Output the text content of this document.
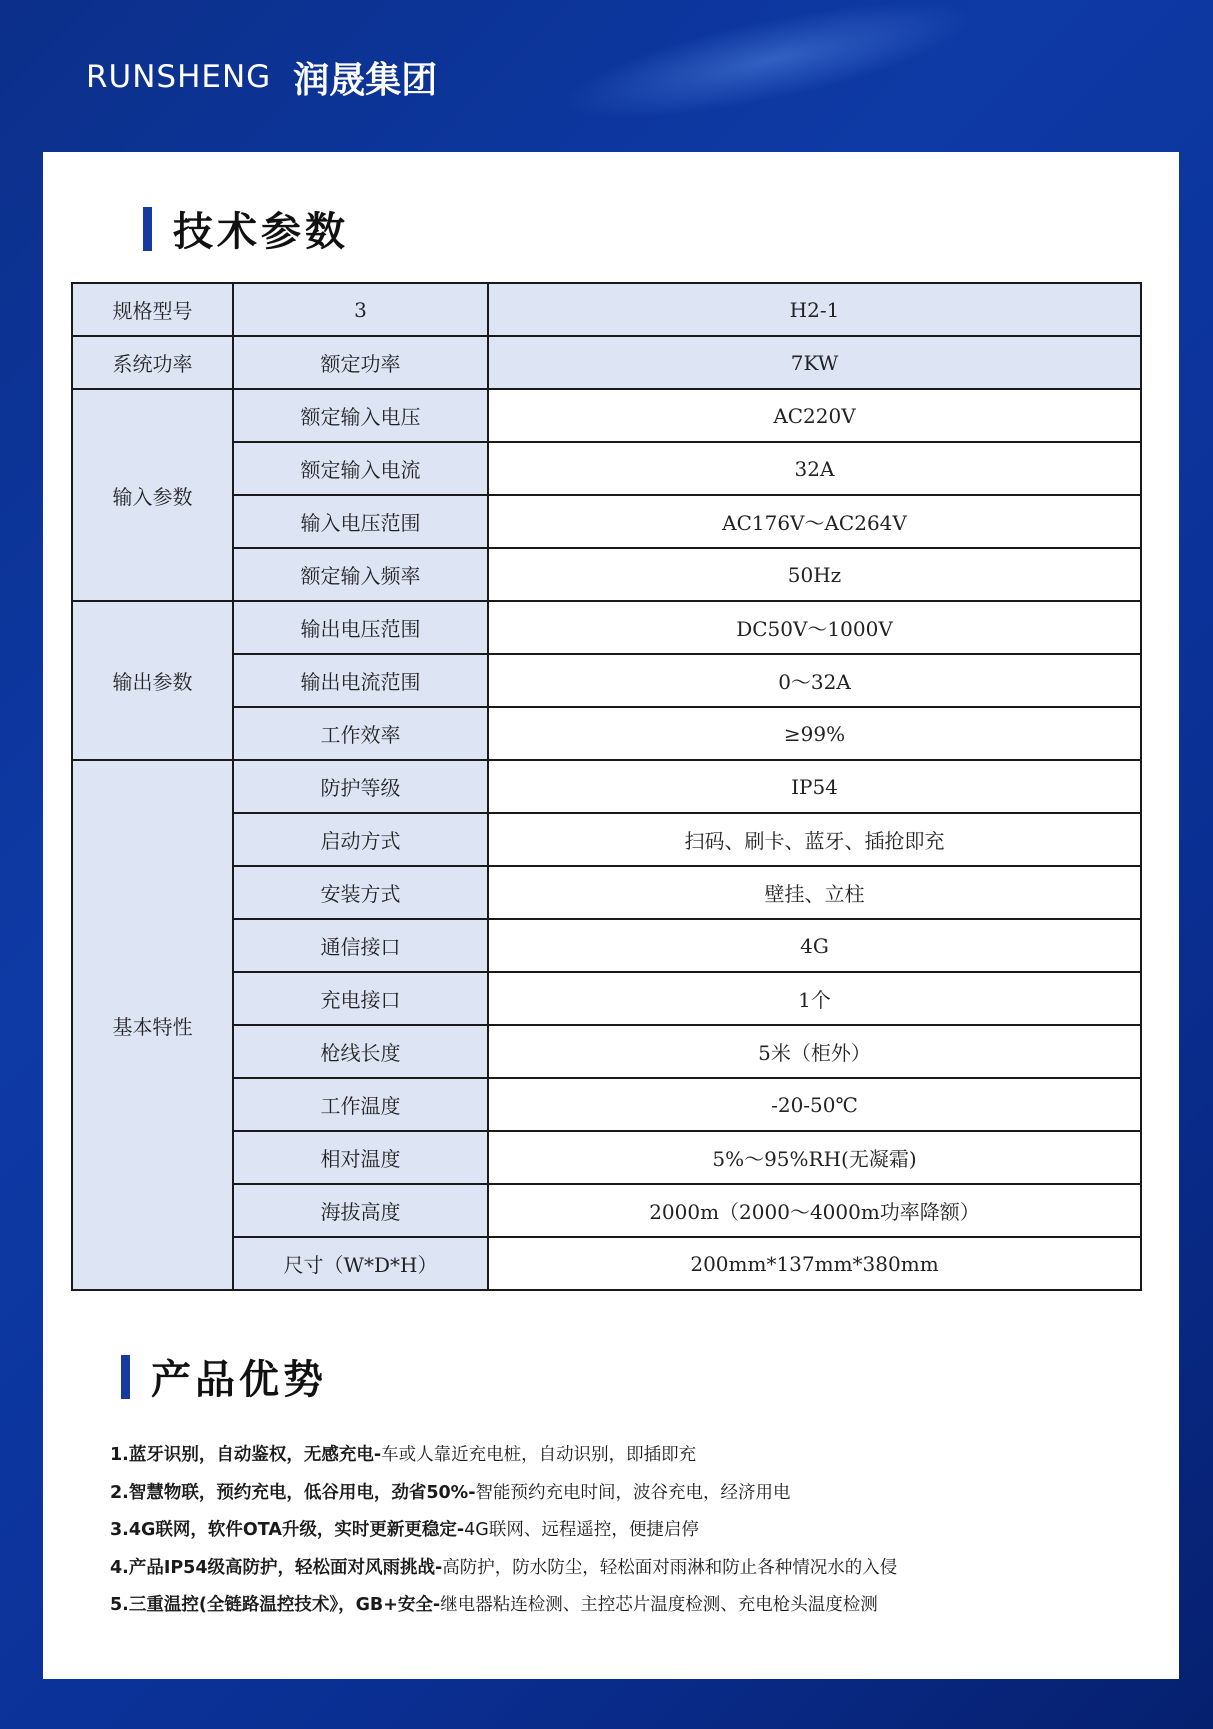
RUNSHENG 润晟集团
技术参数
规格型号	3	H2-1
系统功率	额定功率	7KW
输入参数	额定输入电压	AC220V
	额定输入电流	32A
	输入电压范围	AC176V～AC264V
	额定输入频率	50Hz
输出参数	输出电压范围	DC50V～1000V
	输出电流范围	0～32A
	工作效率	≥99%
基本特性	防护等级	IP54
	启动方式	扫码、刷卡、蓝牙、插抢即充
	安装方式	壁挂、立柱
	通信接口	4G
	充电接口	1个
	枪线长度	5米（柜外）
	工作温度	-20-50℃
	相对温度	5%～95%RH(无凝霜)
	海拔高度	2000m（2000～4000m功率降额）
	尺寸（W*D*H）	200mm*137mm*380mm
产品优势
1.蓝牙识别，自动鉴权，无感充电-车或人靠近充电桩，自动识别，即插即充
2.智慧物联，预约充电，低谷用电，劲省50%-智能预约充电时间，波谷充电，经济用电
3.4G联网，软件OTA升级，实时更新更稳定-4G联网、远程遥控，便捷启停
4.产品IP54级高防护，轻松面对风雨挑战-高防护，防水防尘，轻松面对雨淋和防止各种情况水的入侵
5.三重温控(全链路温控技术》，GB+安全-继电器粘连检测、主控芯片温度检测、充电枪头温度检测
